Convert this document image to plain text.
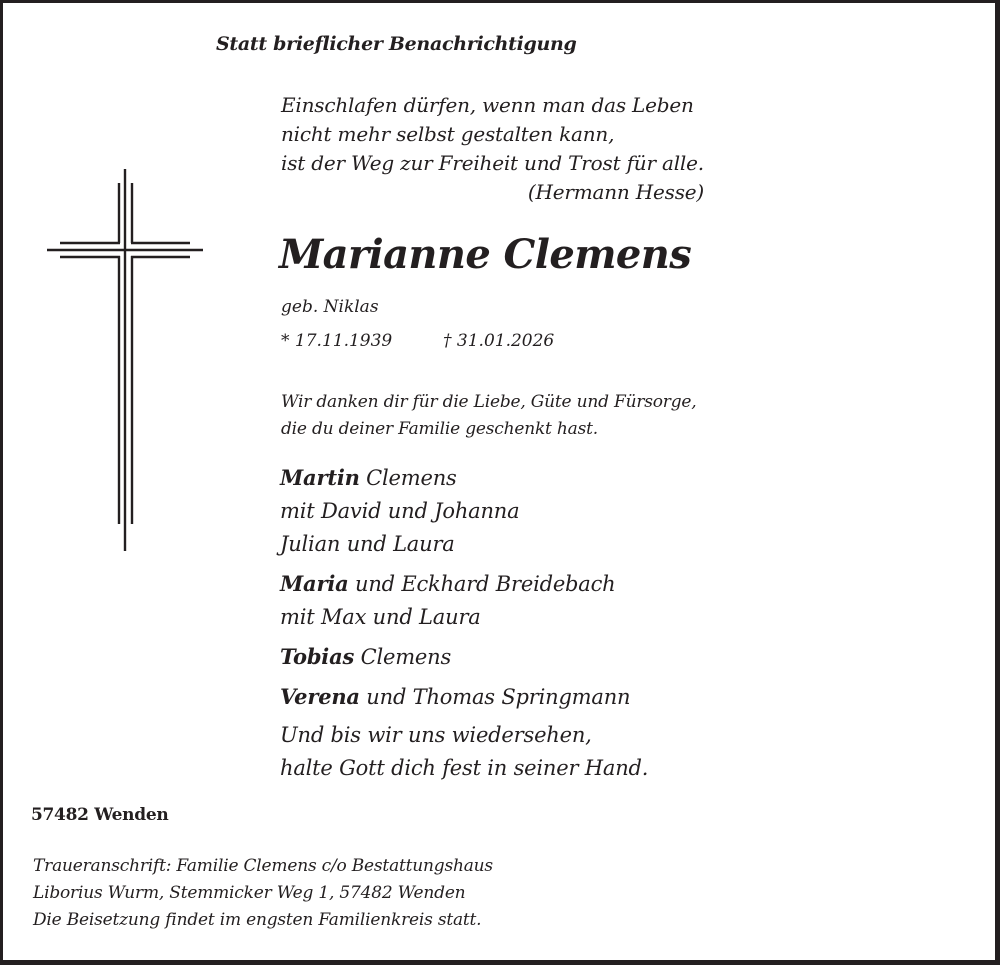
Statt brieflicher Benachrichtigung
Einschlafen dürfen, wenn man das Leben
nicht mehr selbst gestalten kann,
ist der Weg zur Freiheit und Trost für alle.
(Hermann Hesse)
Marianne Clemens
geb. Niklas
* 17.11.1939	† 31.01.2026
Wir danken dir für die Liebe, Güte und Fürsorge,
die du deiner Familie geschenkt hast.
Martin Clemens
mit David und Johanna
Julian und Laura
Maria und Eckhard Breidebach
mit Max und Laura
Tobias Clemens
Verena und Thomas Springmann
Und bis wir uns wiedersehen,
halte Gott dich fest in seiner Hand.
57482 Wenden
Traueranschrift: Familie Clemens c/o Bestattungshaus
Liborius Wurm, Stemmicker Weg 1, 57482 Wenden
Die Beisetzung findet im engsten Familienkreis statt.
